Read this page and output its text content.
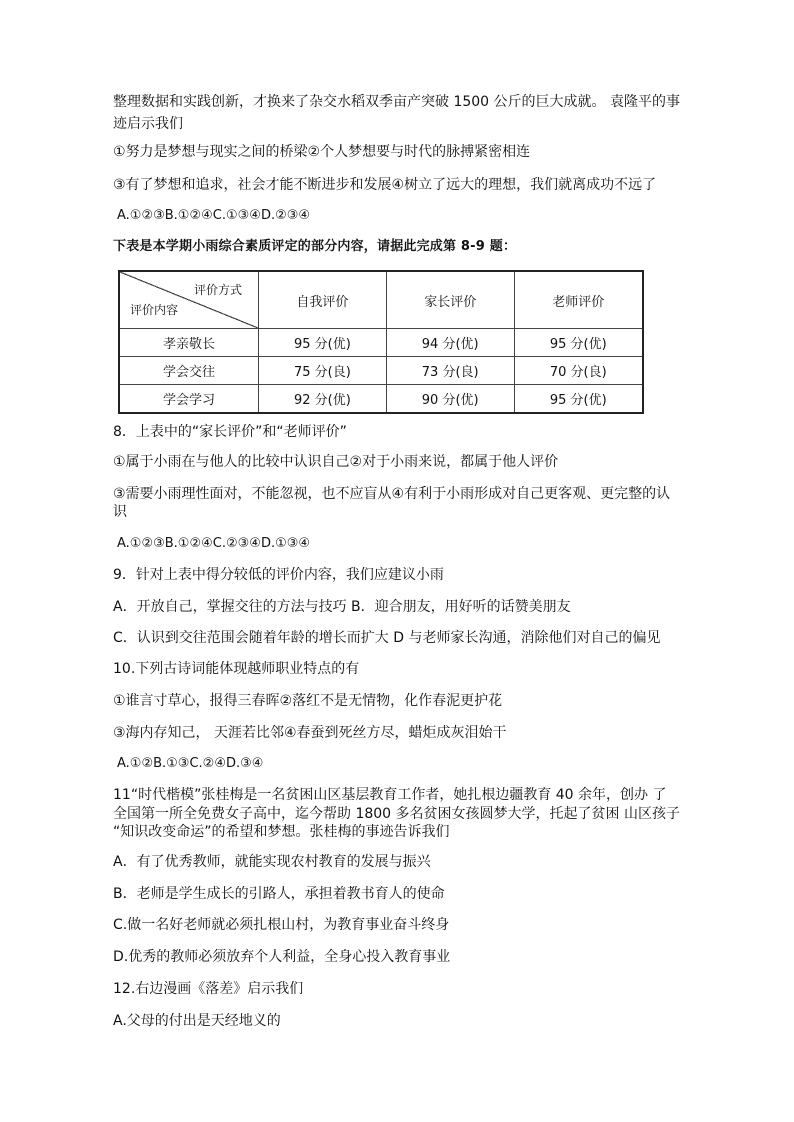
整理数据和实践创新，才换来了杂交水稻双季亩产突破 1500 公斤的巨大成就。 袁隆平的事
迹启示我们
①努力是梦想与现实之间的桥梁②个人梦想要与时代的脉搏紧密相连
③有了梦想和追求，社会才能不断进步和发展④树立了远大的理想，我们就离成功不远了
A.①②③B.①②④C.①③④D.②③④
下表是本学期小雨综合素质评定的部分内容，请据此完成第 8-9 题：
评价方式
评价内容	自我评价	家长评价	老师评价
孝亲敬长	95 分(优)	94 分(优)	95 分(优)
学会交往	75 分(良)	73 分(良)	70 分(良)
学会学习	92 分(优)	90 分(优)	95 分(优)
8．上表中的“家长评价”和“老师评价”
①属于小雨在与他人的比较中认识自己②对于小雨来说，都属于他人评价
③需要小雨理性面对，不能忽视，也不应盲从④有利于小雨形成对自己更客观、更完整的认
识
A.①②③B.①②④C.②③④D.①③④
9．针对上表中得分较低的评价内容，我们应建议小雨
A．开放自己，掌握交往的方法与技巧 B．迎合朋友，用好听的话赞美朋友
C．认识到交往范围会随着年龄的增长而扩大 D 与老师家长沟通，消除他们对自己的偏见
10.下列古诗词能体现越师职业特点的有
①谁言寸草心，报得三春晖②落红不是无情物，化作春泥更护花
③海内存知己， 天涯若比邻④春蚕到死丝方尽，蜡炬成灰泪始干
A.①②B.①③C.②④D.③④
11“时代楷模”张桂梅是一名贫困山区基层教育工作者，她扎根边疆教育 40 余年，创办 了
全国第一所全免费女子高中，迄今帮助 1800 多名贫困女孩圆梦大学，托起了贫困 山区孩子
“知识改变命运”的希望和梦想。张桂梅的事迹告诉我们
A．有了优秀教师，就能实现农村教育的发展与振兴
B．老师是学生成长的引路人，承担着教书育人的使命
C.做一名好老师就必须扎根山村，为教育事业奋斗终身
D.优秀的教师必须放弃个人利益，全身心投入教育事业
12.右边漫画《落差》启示我们
A.父母的付出是天经地义的
